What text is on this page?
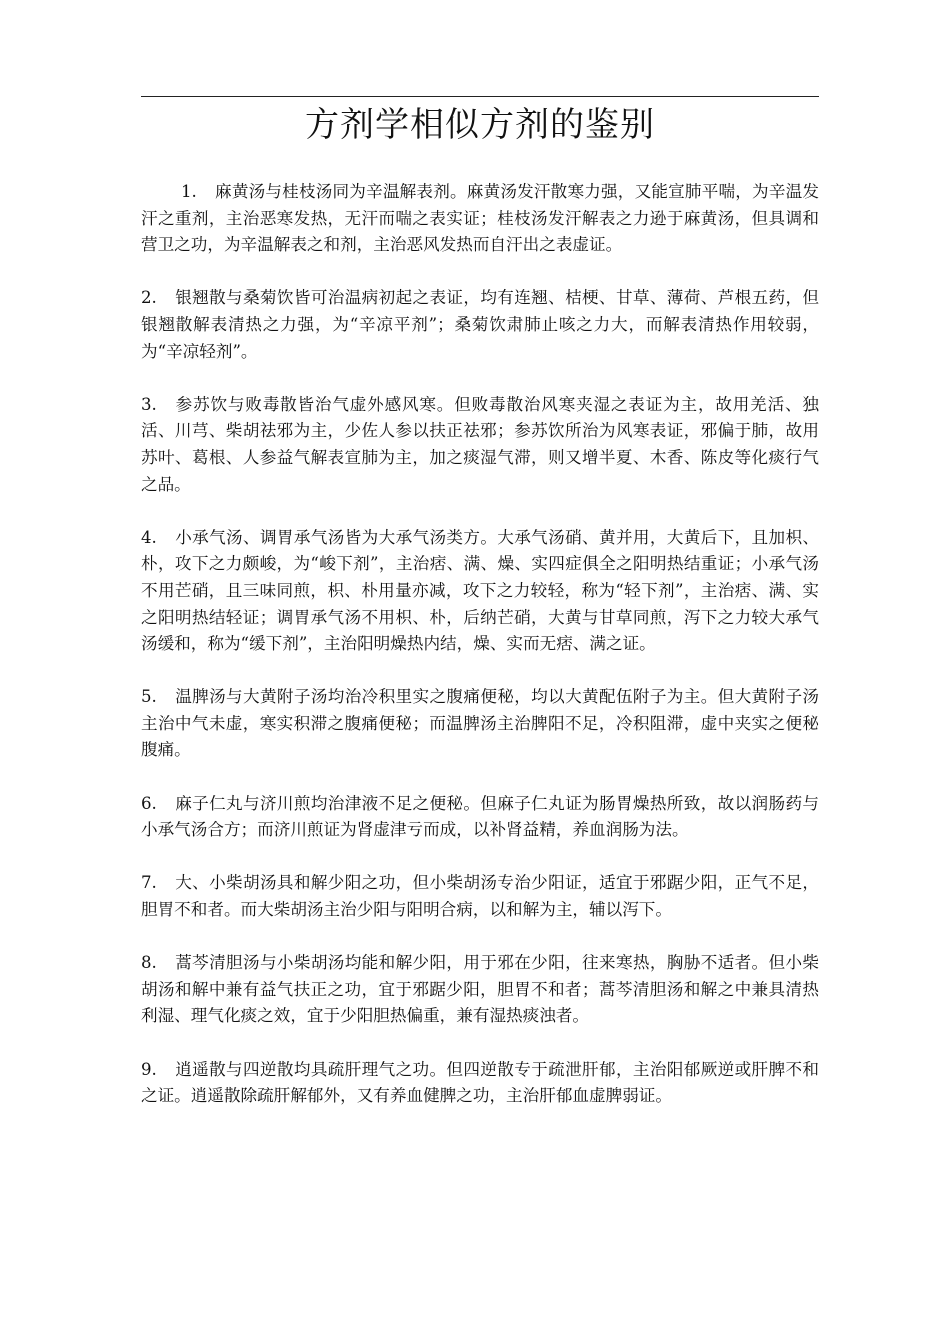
方剂学相似方剂的鉴别

1. 麻黄汤与桂枝汤同为辛温解表剂。麻黄汤发汗散寒力强，又能宣肺平喘，为辛温发汗之重剂，主治恶寒发热，无汗而喘之表实证；桂枝汤发汗解表之力逊于麻黄汤，但具调和营卫之功，为辛温解表之和剂，主治恶风发热而自汗出之表虚证。

2. 银翘散与桑菊饮皆可治温病初起之表证，均有连翘、桔梗、甘草、薄荷、芦根五药，但银翘散解表清热之力强，为“辛凉平剂”；桑菊饮肃肺止咳之力大，而解表清热作用较弱，为“辛凉轻剂”。

3. 参苏饮与败毒散皆治气虚外感风寒。但败毒散治风寒夹湿之表证为主，故用羌活、独活、川芎、柴胡祛邪为主，少佐人参以扶正祛邪；参苏饮所治为风寒表证，邪偏于肺，故用苏叶、葛根、人参益气解表宣肺为主，加之痰湿气滞，则又增半夏、木香、陈皮等化痰行气之品。

4. 小承气汤、调胃承气汤皆为大承气汤类方。大承气汤硝、黄并用，大黄后下，且加枳、朴，攻下之力颇峻，为“峻下剂”，主治痞、满、燥、实四症俱全之阳明热结重证；小承气汤不用芒硝，且三味同煎，枳、朴用量亦减，攻下之力较轻，称为“轻下剂”，主治痞、满、实之阳明热结轻证；调胃承气汤不用枳、朴，后纳芒硝，大黄与甘草同煎，泻下之力较大承气汤缓和，称为“缓下剂”，主治阳明燥热内结，燥、实而无痞、满之证。

5. 温脾汤与大黄附子汤均治冷积里实之腹痛便秘，均以大黄配伍附子为主。但大黄附子汤主治中气未虚，寒实积滞之腹痛便秘；而温脾汤主治脾阳不足，冷积阻滞，虚中夹实之便秘腹痛。

6. 麻子仁丸与济川煎均治津液不足之便秘。但麻子仁丸证为肠胃燥热所致，故以润肠药与小承气汤合方；而济川煎证为肾虚津亏而成，以补肾益精，养血润肠为法。

7. 大、小柴胡汤具和解少阳之功，但小柴胡汤专治少阳证，适宜于邪踞少阳，正气不足，胆胃不和者。而大柴胡汤主治少阳与阳明合病，以和解为主，辅以泻下。

8. 蒿芩清胆汤与小柴胡汤均能和解少阳，用于邪在少阳，往来寒热，胸胁不适者。但小柴胡汤和解中兼有益气扶正之功，宜于邪踞少阳，胆胃不和者；蒿芩清胆汤和解之中兼具清热利湿、理气化痰之效，宜于少阳胆热偏重，兼有湿热痰浊者。

9. 逍遥散与四逆散均具疏肝理气之功。但四逆散专于疏泄肝郁，主治阳郁厥逆或肝脾不和之证。逍遥散除疏肝解郁外，又有养血健脾之功，主治肝郁血虚脾弱证。
